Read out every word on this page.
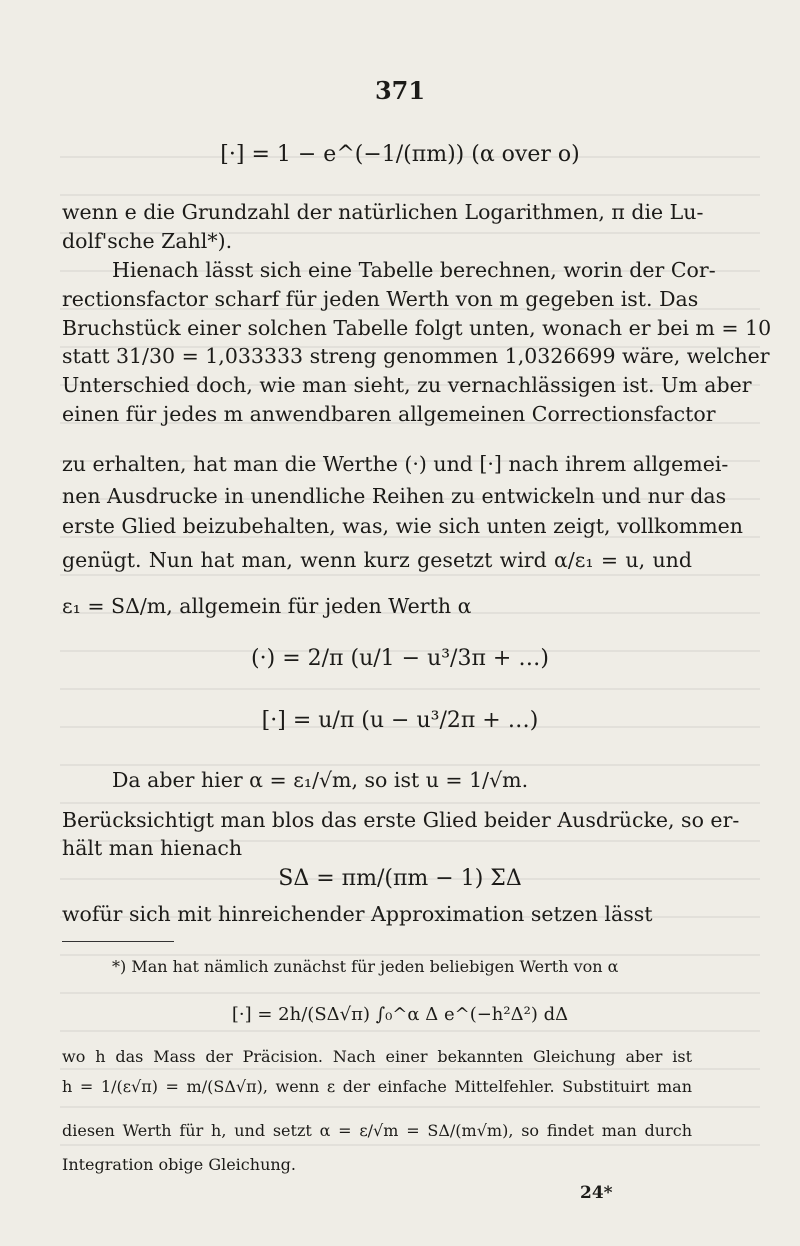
371
[·] = 1 − e^(−1/(πm)) (α over o)
wenn e die Grundzahl der natürlichen Logarithmen, π die Lu-
dolf'sche Zahl*).
Hienach lässt sich eine Tabelle berechnen, worin der Cor-
rectionsfactor scharf für jeden Werth von m gegeben ist. Das
Bruchstück einer solchen Tabelle folgt unten, wonach er bei m = 10
statt 31/30 = 1,033333 streng genommen 1,0326699 wäre, welcher
Unterschied doch, wie man sieht, zu vernachlässigen ist. Um aber
einen für jedes m anwendbaren allgemeinen Correctionsfactor
zu erhalten, hat man die Werthe (·) und [·] nach ihrem allgemei-
nen Ausdrucke in unendliche Reihen zu entwickeln und nur das
erste Glied beizubehalten, was, wie sich unten zeigt, vollkommen
genügt. Nun hat man, wenn kurz gesetzt wird α/ε₁ = u, und
ε₁ = SΔ/m, allgemein für jeden Werth α
(·) = 2/π (u/1 − u³/3π + …)
[·] = u/π (u − u³/2π + …)
Da aber hier α = ε₁/√m, so ist u = 1/√m.
Berücksichtigt man blos das erste Glied beider Ausdrücke, so er-
hält man hienach
SΔ = πm/(πm − 1) ΣΔ
wofür sich mit hinreichender Approximation setzen lässt
*) Man hat nämlich zunächst für jeden beliebigen Werth von α
[·] = 2h/(SΔ√π) ∫₀^α Δ e^(−h²Δ²) dΔ
wo h das Mass der Präcision. Nach einer bekannten Gleichung aber ist
h = 1/(ε√π) = m/(SΔ√π), wenn ε der einfache Mittelfehler. Substituirt man
diesen Werth für h, und setzt α = ε/√m = SΔ/(m√m), so findet man durch
Integration obige Gleichung.
24*
